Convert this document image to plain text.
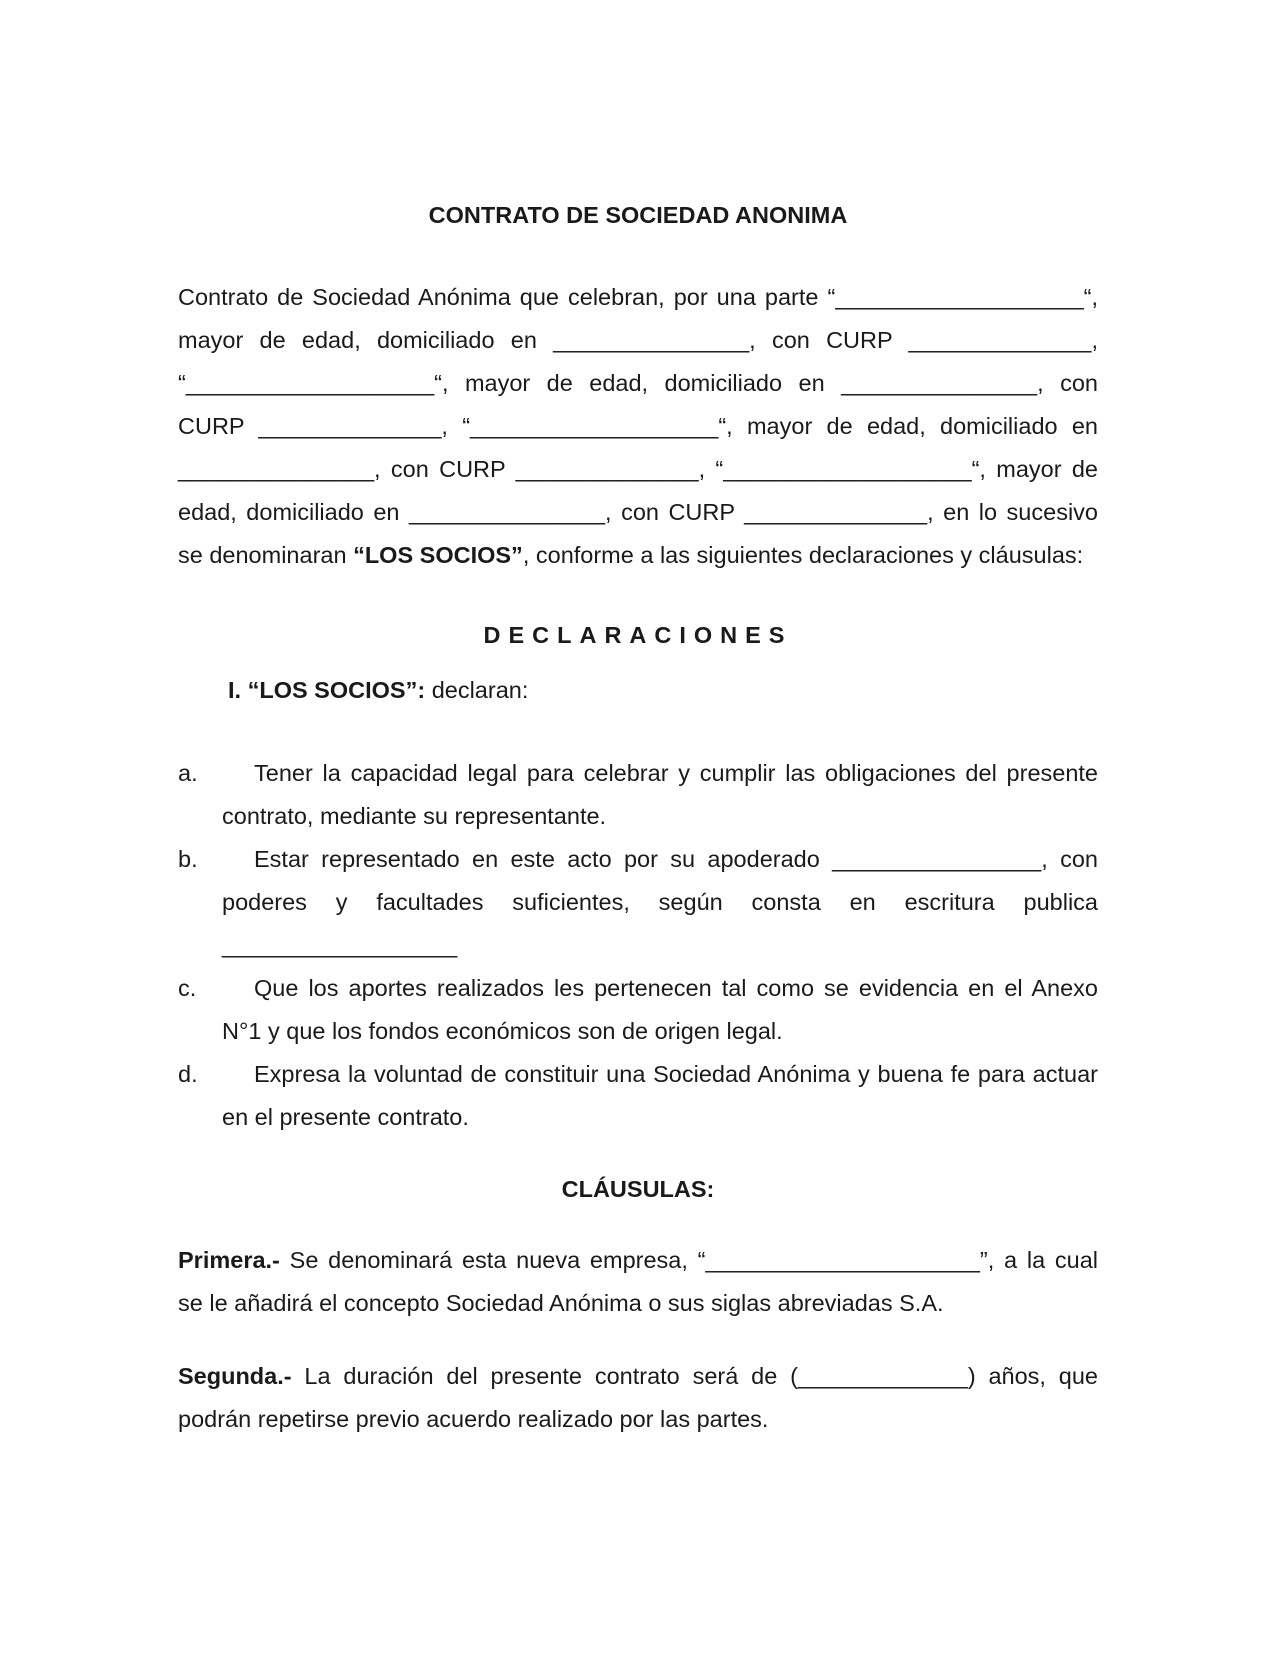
CONTRATO DE SOCIEDAD ANONIMA

Contrato de Sociedad Anónima que celebran, por una parte “___________________“, mayor de edad, domiciliado en _______________, con CURP ______________, “___________________“, mayor de edad, domiciliado en _______________, con CURP ______________, “___________________“, mayor de edad, domiciliado en _______________, con CURP ______________, “___________________“, mayor de edad, domiciliado en _______________, con CURP ______________, en lo sucesivo se denominaran “LOS SOCIOS”, conforme a las siguientes declaraciones y cláusulas:

DECLARACIONES

I. “LOS SOCIOS”: declaran:

a. Tener la capacidad legal para celebrar y cumplir las obligaciones del presente contrato, mediante su representante.
b. Estar representado en este acto por su apoderado ________________, con poderes y facultades suficientes, según consta en escritura publica __________________
c. Que los aportes realizados les pertenecen tal como se evidencia en el Anexo N°1 y que los fondos económicos son de origen legal.
d. Expresa la voluntad de constituir una Sociedad Anónima y buena fe para actuar en el presente contrato.
CLÁUSULAS:

Primera.- Se denominará esta nueva empresa, “_____________________”, a la cual se le añadirá el concepto Sociedad Anónima o sus siglas abreviadas S.A.

Segunda.- La duración del presente contrato será de (_____________) años, que podrán repetirse previo acuerdo realizado por las partes.
